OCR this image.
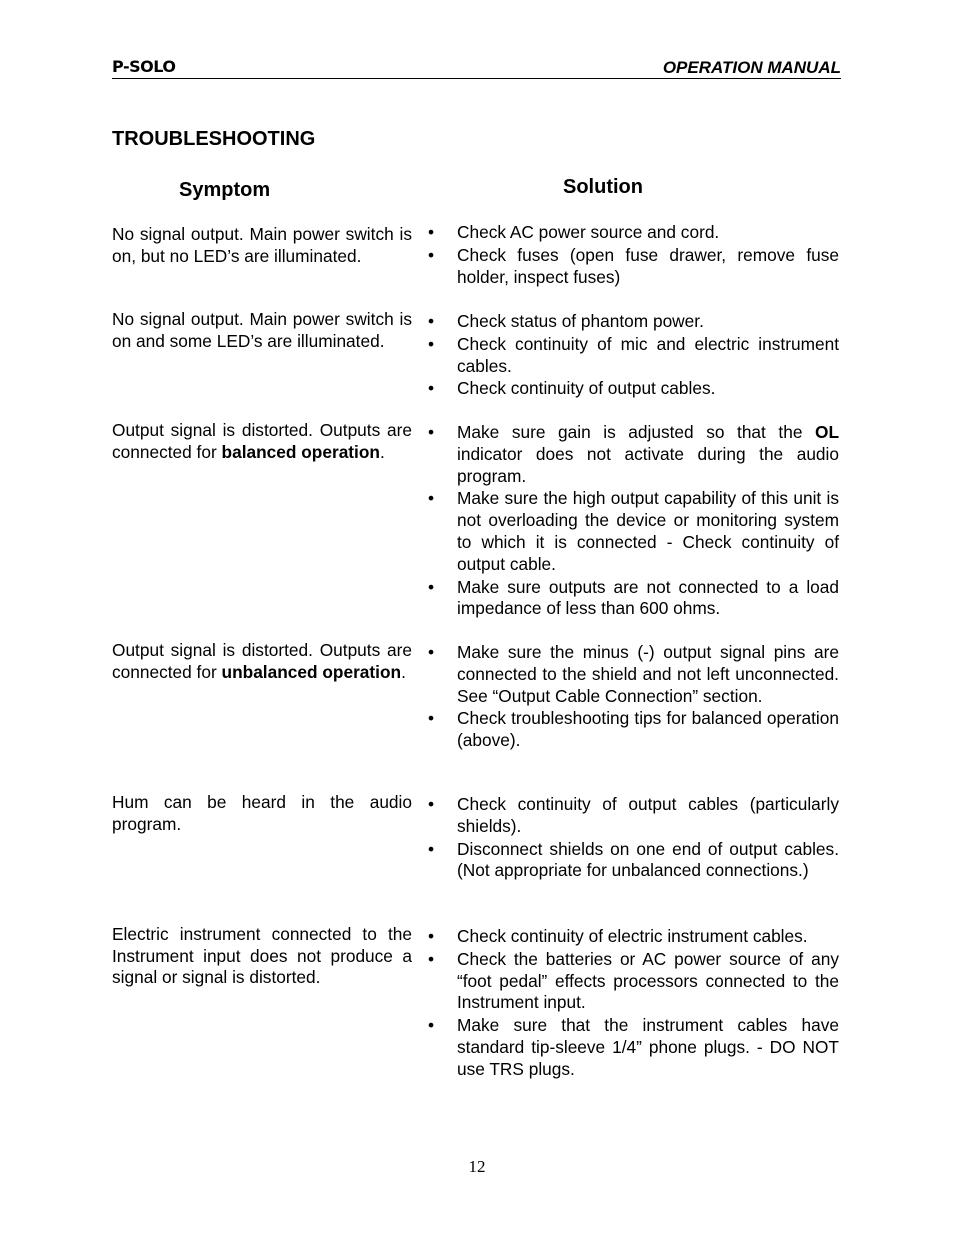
P-SOLO	OPERATION MANUAL
TROUBLESHOOTING
Symptom	Solution
No signal output. Main power switch is on, but no LED’s are illuminated.
•	Check AC power source and cord.
•	Check fuses (open fuse drawer, remove fuse holder, inspect fuses)
No signal output. Main power switch is on and some LED’s are illuminated.
•	Check status of phantom power.
•	Check continuity of mic and electric instrument cables.
•	Check continuity of output cables.
Output signal is distorted. Outputs are connected for balanced operation.
•	Make sure gain is adjusted so that the OL indicator does not activate during the audio program.
•	Make sure the high output capability of this unit is not overloading the device or monitoring system to which it is connected - Check continuity of output cable.
•	Make sure outputs are not connected to a load impedance of less than 600 ohms.
Output signal is distorted. Outputs are connected for unbalanced operation.
•	Make sure the minus (-) output signal pins are connected to the shield and not left unconnected. See “Output Cable Connection” section.
•	Check troubleshooting tips for balanced operation (above).
Hum can be heard in the audio program.
•	Check continuity of output cables (particularly shields).
•	Disconnect shields on one end of output cables. (Not appropriate for unbalanced connections.)
Electric instrument connected to the Instrument input does not produce a signal or signal is distorted.
•	Check continuity of electric instrument cables.
•	Check the batteries or AC power source of any “foot pedal” effects processors connected to the Instrument input.
•	Make sure that the instrument cables have standard tip-sleeve 1/4” phone plugs. - DO NOT use TRS plugs.
12
